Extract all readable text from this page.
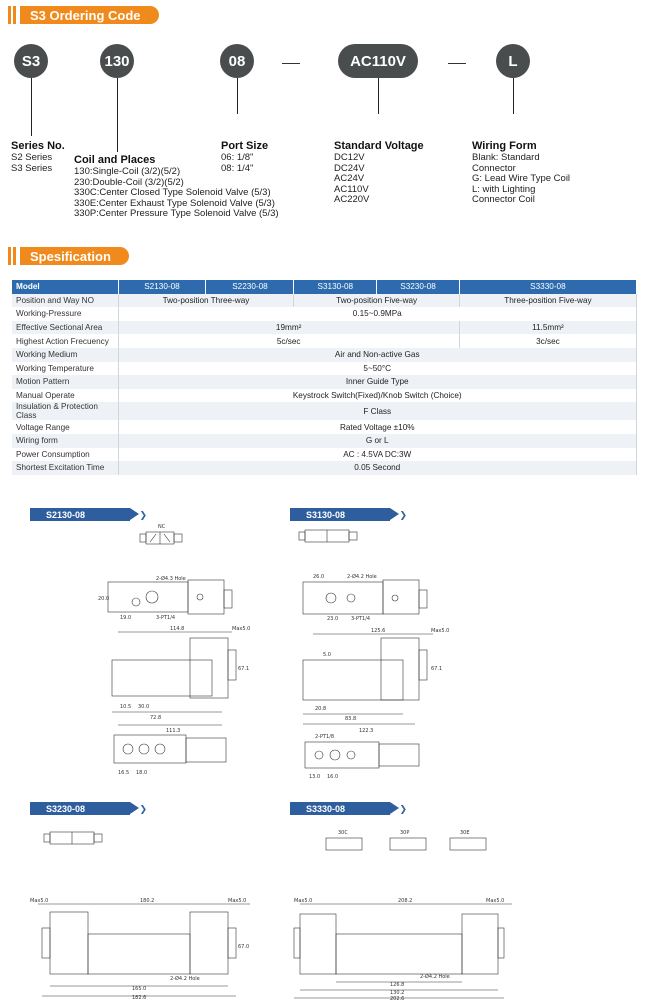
S3 Ordering Code
S3	130	08	AC110V	L
Series No.
S2 Series
S3 Series
Coil and Places
130:Single-Coil (3/2)(5/2)
230:Double-Coil (3/2)(5/2)
330C:Center Closed Type Solenoid Valve (5/3)
330E:Center Exhaust Type Solenoid Valve (5/3)
330P:Center Pressure Type Solenoid Valve (5/3)
Port Size
06: 1/8"
08: 1/4"
Standard Voltage
DC12V
DC24V
AC24V
AC110V
AC220V
Wiring Form
Blank: Standard
Connector
G: Lead Wire Type Coil
L: with Lighting
Connector Coil
Spesification
Model	S2130-08	S2230-08	S3130-08	S3230-08	S3330-08
Position and Way NO	Two-position Three-way		Two-position Five-way		Three-position Five-way
Working-Pressure	0.15~0.9MPa				
Effective Sectional Area	19mm²				11.5mm²
Highest Action Frecuency	5c/sec				3c/sec
Working Medium	Air and Non-active Gas				
Working Temperature	5~50°C				
Motion Pattern	Inner Guide Type				
Manual Operate	Keystrock Switch(Fixed)/Knob Switch (Choice)				
Insulation & Protection Class	F Class				
Voltage Range	Rated Voltage ±10%				
Wiring form	G or L				
Power Consumption	AC : 4.5VA DC:3W				
Shortest Excitation Time	0.05 Second				
S2130-08	❯	S3130-08	❯
NC
2-Ø4.3 Hole
3-PT1/4
20.0
19.0
114.8	Max5.0
67.1
10.5 30.0
72.8
111.3
16.5 18.0
2-Ø4.2 Hole
26.0
3-PT1/4
23.0
125.6	Max5.0
67.1
5.0
20.8
83.8
122.3
2-PT1/8
13.0 16.0
S3230-08	❯	S3330-08	❯
Max5.0	180.2	Max5.0
67.0
2-Ø4.2 Hole
165.0
182.6
30C	30P	30E
Max5.0	208.2	Max5.0
2-Ø4.2 Hole
126.8
130.2
202.6
